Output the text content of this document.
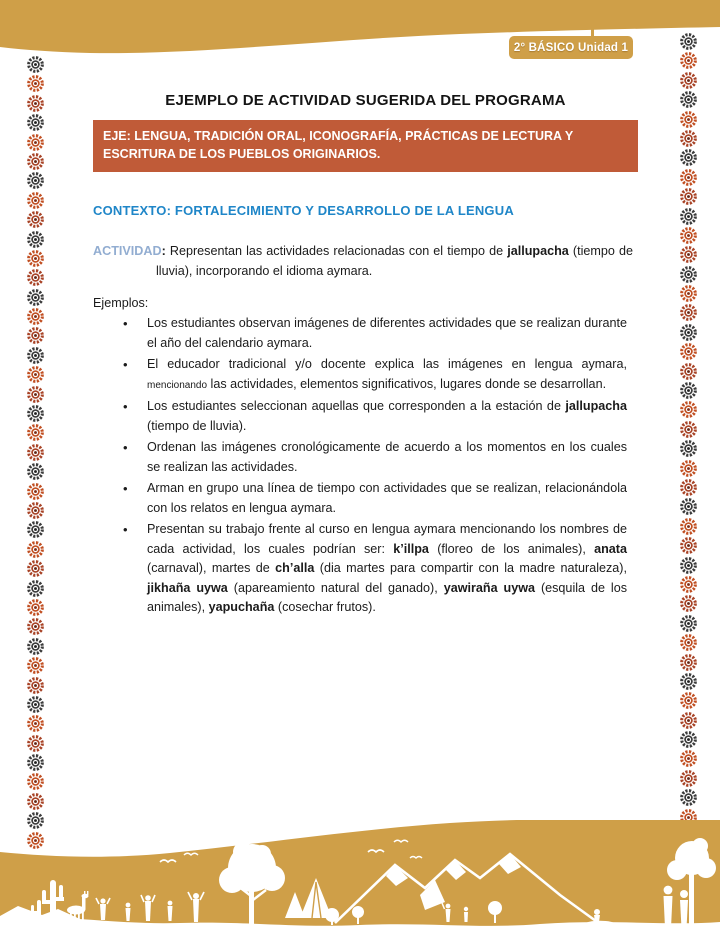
2° BÁSICO Unidad 1
EJEMPLO DE ACTIVIDAD SUGERIDA DEL PROGRAMA
EJE: LENGUA, TRADICIÓN ORAL, ICONOGRAFÍA, PRÁCTICAS DE LECTURA Y ESCRITURA DE LOS PUEBLOS ORIGINARIOS.
CONTEXTO: FORTALECIMIENTO Y DESARROLLO DE LA LENGUA

ACTIVIDAD: Representan las actividades relacionadas con el tiempo de jallupacha (tiempo de lluvia), incorporando el idioma aymara.

Ejemplos:
• Los estudiantes observan imágenes de diferentes actividades que se realizan durante el año del calendario aymara.
• El educador tradicional y/o docente explica las imágenes en lengua aymara, mencionando las actividades, elementos significativos, lugares donde se desarrollan.
• Los estudiantes seleccionan aquellas que corresponden a la estación de jallupacha (tiempo de lluvia).
• Ordenan las imágenes cronológicamente de acuerdo a los momentos en los cuales se realizan las actividades.
• Arman en grupo una línea de tiempo con actividades que se realizan, relacionándola con los relatos en lengua aymara.
• Presentan su trabajo frente al curso en lengua aymara mencionando los nombres de cada actividad, los cuales podrían ser: k’illpa (floreo de los animales), anata (carnaval), martes de ch’alla (dia martes para compartir con la madre naturaleza), jikhaña uywa (apareamiento natural del ganado), yawiraña uywa (esquila de los animales), yapuchaña (cosechar frutos).
